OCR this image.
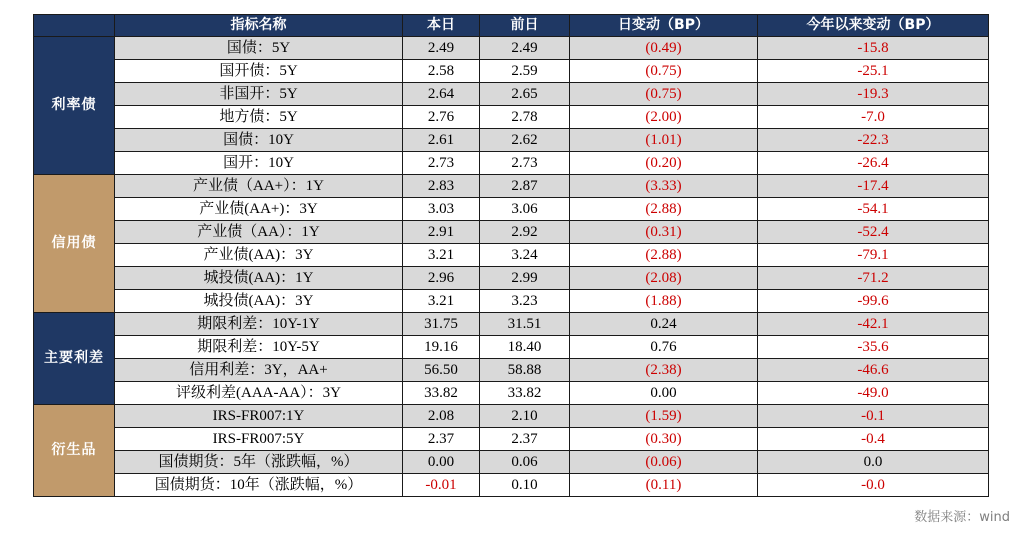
	指标名称	本日	前日	日变动（BP）	今年以来变动（BP）
利率债	国债：5Y	2.49	2.49	(0.49)	-15.8
	国开债：5Y	2.58	2.59	(0.75)	-25.1
	非国开：5Y	2.64	2.65	(0.75)	-19.3
	地方债：5Y	2.76	2.78	(2.00)	-7.0
	国债：10Y	2.61	2.62	(1.01)	-22.3
	国开：10Y	2.73	2.73	(0.20)	-26.4
信用债	产业债（AA+）：1Y	2.83	2.87	(3.33)	-17.4
	产业债(AA+)：3Y	3.03	3.06	(2.88)	-54.1
	产业债（AA）：1Y	2.91	2.92	(0.31)	-52.4
	产业债(AA)：3Y	3.21	3.24	(2.88)	-79.1
	城投债(AA)：1Y	2.96	2.99	(2.08)	-71.2
	城投债(AA)：3Y	3.21	3.23	(1.88)	-99.6
主要利差	期限利差：10Y-1Y	31.75	31.51	0.24	-42.1
	期限利差：10Y-5Y	19.16	18.40	0.76	-35.6
	信用利差：3Y，AA+	56.50	58.88	(2.38)	-46.6
	评级利差(AAA-AA）：3Y	33.82	33.82	0.00	-49.0
衍生品	IRS-FR007:1Y	2.08	2.10	(1.59)	-0.1
	IRS-FR007:5Y	2.37	2.37	(0.30)	-0.4
	国债期货：5年（涨跌幅，%）	0.00	0.06	(0.06)	0.0
	国债期货：10年（涨跌幅，%）	-0.01	0.10	(0.11)	-0.0
数据来源：wind
